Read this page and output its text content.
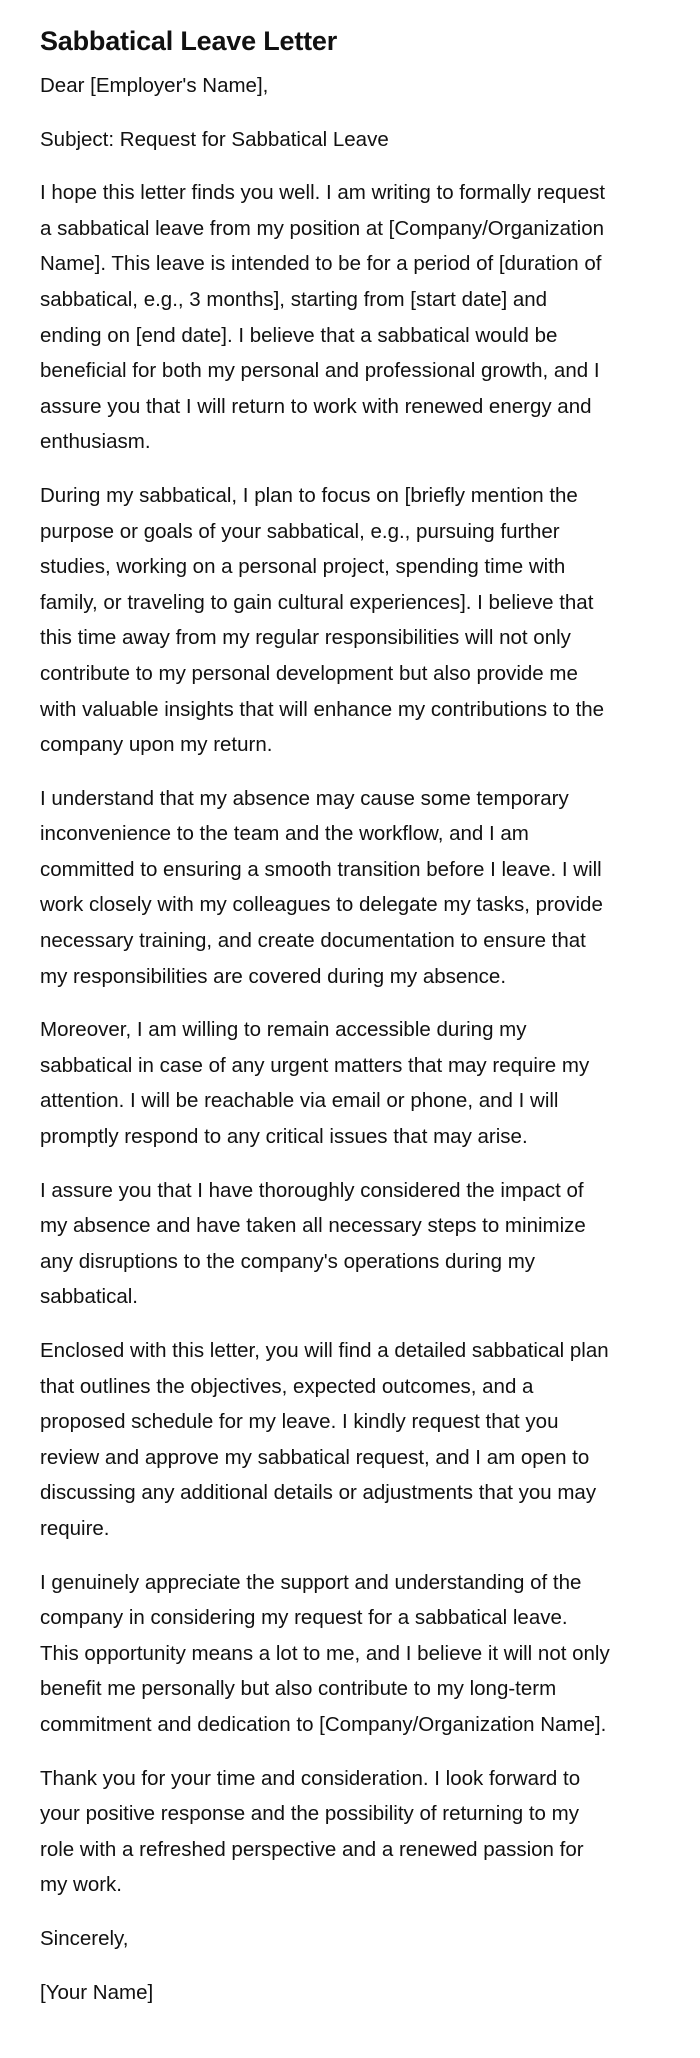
Sabbatical Leave Letter

Dear [Employer's Name],

Subject: Request for Sabbatical Leave

I hope this letter finds you well. I am writing to formally request
a sabbatical leave from my position at [Company/Organization
Name]. This leave is intended to be for a period of [duration of
sabbatical, e.g., 3 months], starting from [start date] and
ending on [end date]. I believe that a sabbatical would be
beneficial for both my personal and professional growth, and I
assure you that I will return to work with renewed energy and
enthusiasm.

During my sabbatical, I plan to focus on [briefly mention the
purpose or goals of your sabbatical, e.g., pursuing further
studies, working on a personal project, spending time with
family, or traveling to gain cultural experiences]. I believe that
this time away from my regular responsibilities will not only
contribute to my personal development but also provide me
with valuable insights that will enhance my contributions to the
company upon my return.

I understand that my absence may cause some temporary
inconvenience to the team and the workflow, and I am
committed to ensuring a smooth transition before I leave. I will
work closely with my colleagues to delegate my tasks, provide
necessary training, and create documentation to ensure that
my responsibilities are covered during my absence.

Moreover, I am willing to remain accessible during my
sabbatical in case of any urgent matters that may require my
attention. I will be reachable via email or phone, and I will
promptly respond to any critical issues that may arise.

I assure you that I have thoroughly considered the impact of
my absence and have taken all necessary steps to minimize
any disruptions to the company's operations during my
sabbatical.

Enclosed with this letter, you will find a detailed sabbatical plan
that outlines the objectives, expected outcomes, and a
proposed schedule for my leave. I kindly request that you
review and approve my sabbatical request, and I am open to
discussing any additional details or adjustments that you may
require.

I genuinely appreciate the support and understanding of the
company in considering my request for a sabbatical leave.
This opportunity means a lot to me, and I believe it will not only
benefit me personally but also contribute to my long-term
commitment and dedication to [Company/Organization Name].

Thank you for your time and consideration. I look forward to
your positive response and the possibility of returning to my
role with a refreshed perspective and a renewed passion for
my work.

Sincerely,

[Your Name]
